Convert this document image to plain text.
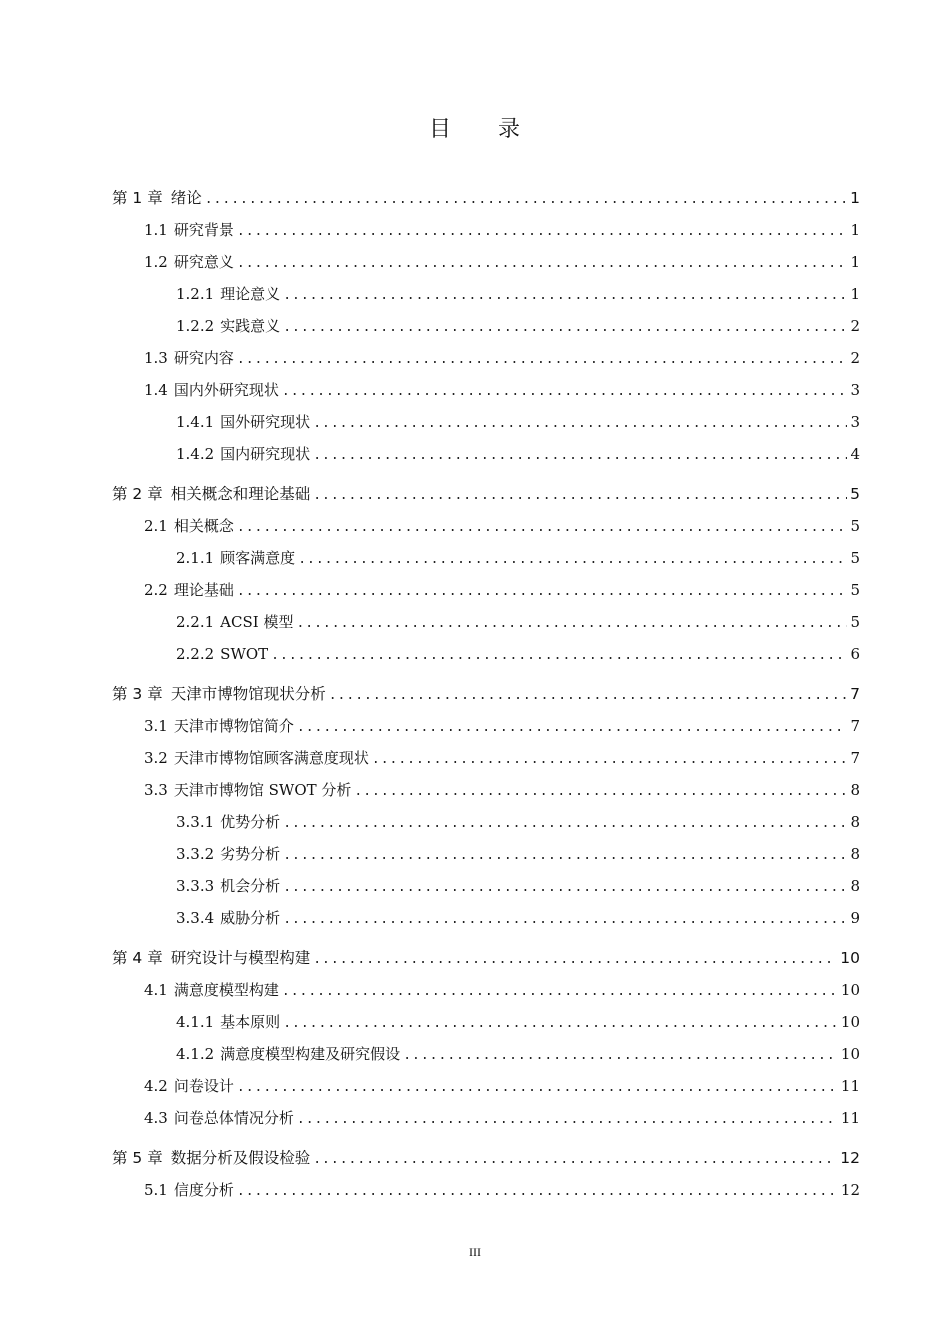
目 录
第 1 章 绪论 .....	1
1.1 研究背景 .....	1
1.2 研究意义 .....	1
1.2.1 理论意义 .....	1
1.2.2 实践意义 .....	2
1.3 研究内容 .....	2
1.4 国内外研究现状 .....	3
1.4.1 国外研究现状 .....	3
1.4.2 国内研究现状 .....	4
第 2 章 相关概念和理论基础 .....	5
2.1 相关概念 .....	5
2.1.1 顾客满意度 .....	5
2.2 理论基础 .....	5
2.2.1 ACSI 模型 .....	5
2.2.2 SWOT .....	6
第 3 章 天津市博物馆现状分析 .....	7
3.1 天津市博物馆简介 .....	7
3.2 天津市博物馆顾客满意度现状 .....	7
3.3 天津市博物馆 SWOT 分析 .....	8
3.3.1 优势分析 .....	8
3.3.2 劣势分析 .....	8
3.3.3 机会分析 .....	8
3.3.4 威胁分析 .....	9
第 4 章 研究设计与模型构建 .....	10
4.1 满意度模型构建 .....	10
4.1.1 基本原则 .....	10
4.1.2 满意度模型构建及研究假设 .....	10
4.2 问卷设计 .....	11
4.3 问卷总体情况分析 .....	11
第 5 章 数据分析及假设检验 .....	12
5.1 信度分析 .....	12
III
